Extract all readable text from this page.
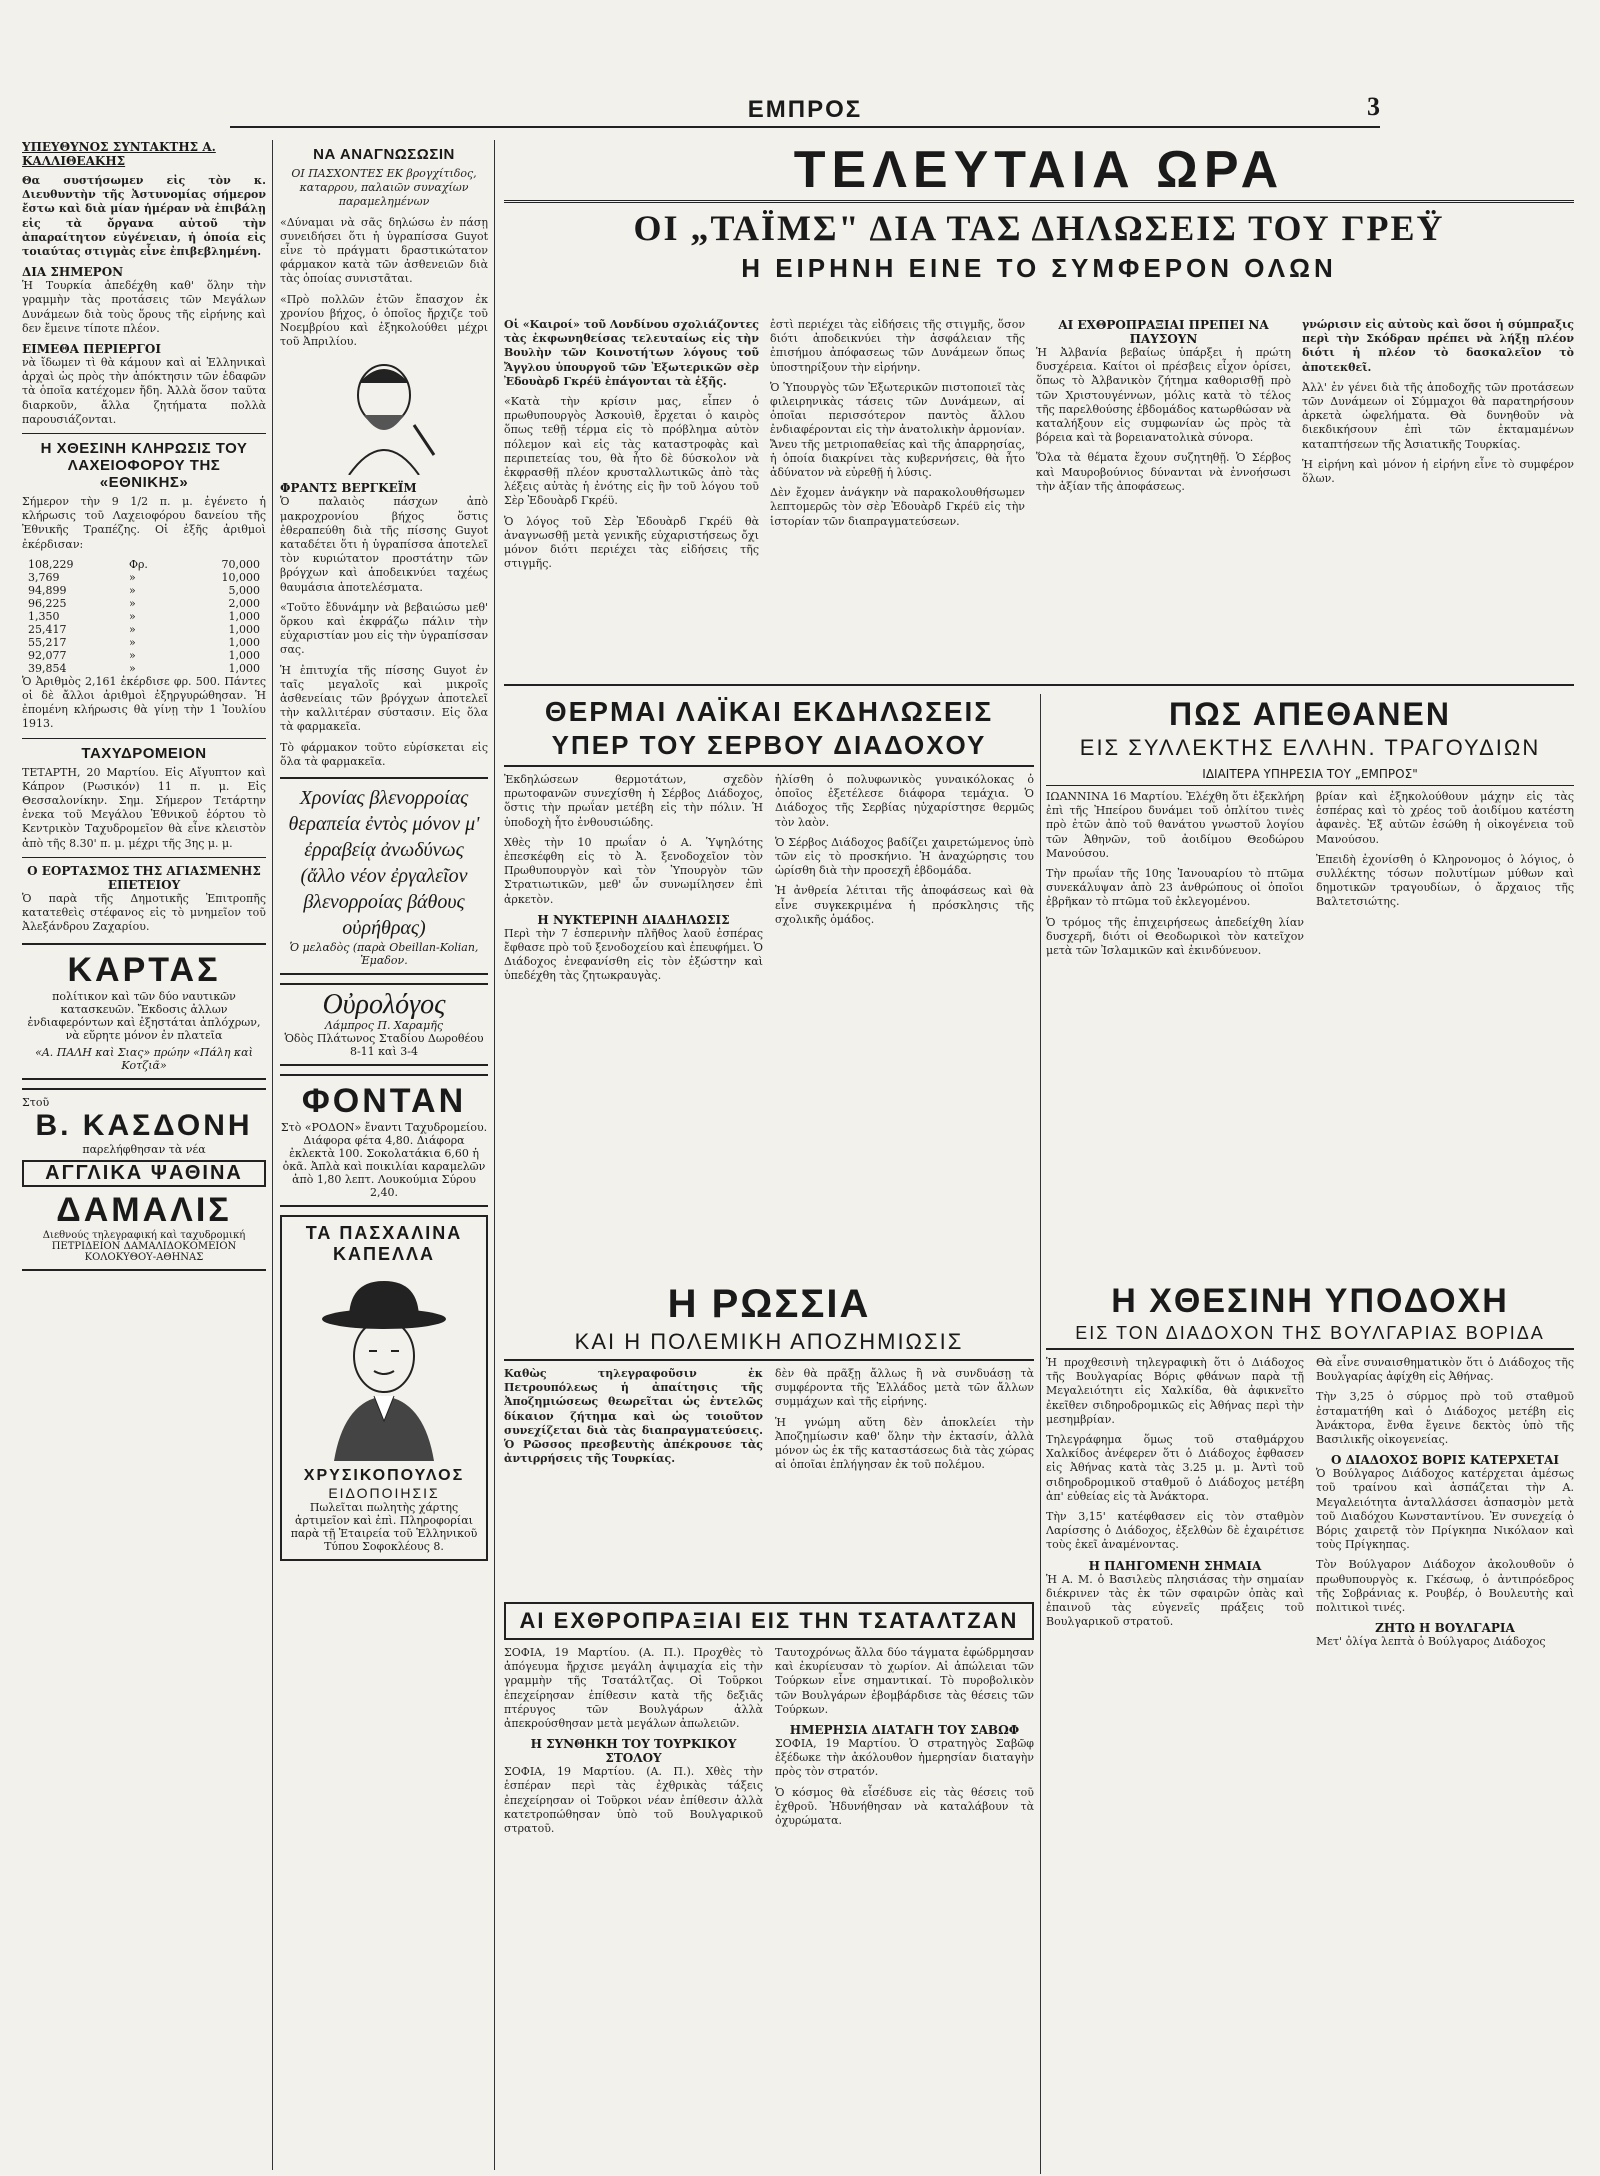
ΕΜΠΡΟΣ	3
ΥΠΕΥΘΥΝΟΣ ΣΥΝΤΑΚΤΗΣ Α. ΚΑΛΛΙΘΕΑΚΗΣ

Θα συστήσωμεν εἰς τὸν κ. Διευθυντὴν τῆς Ἀστυνομίας σήμερον ἔστω καὶ διὰ μίαν ἡμέραν νὰ ἐπιβάλῃ εἰς τὰ ὄργανα αὐτοῦ τὴν ἀπαραίτητον εὐγένειαν, ἡ ὁποία εἰς τοιαύτας στιγμὰς εἶνε ἐπιβεβλημένη.

ΔΙΑ ΣΗΜΕΡΟΝ

Ἡ Τουρκία ἀπεδέχθη καθ' ὅλην τὴν γραμμὴν τὰς προτάσεις τῶν Μεγάλων Δυνάμεων διὰ τοὺς ὅρους τῆς εἰρήνης καὶ δεν ἔμεινε τίποτε πλέον.

ΕΙΜΕΘΑ ΠΕΡΙΕΡΓΟΙ

νὰ ἴδωμεν τὶ θὰ κάμουν καὶ αἱ Ἑλληνικαὶ ἀρχαὶ ὡς πρὸς τὴν ἀπόκτησιν τῶν ἐδαφῶν τὰ ὁποῖα κατέχομεν ἤδη. Ἀλλὰ ὅσον ταῦτα διαρκοῦν, ἄλλα ζητήματα πολλὰ παρουσιάζονται.

Η ΧΘΕΣΙΝΗ ΚΛΗΡΩΣΙΣ ΤΟΥ ΛΑΧΕΙΟΦΟΡΟΥ ΤΗΣ «ΕΘΝΙΚΗΣ»

Σήμερον τὴν 9 1/2 π. μ. ἐγένετο ἡ κλήρωσις τοῦ Λαχειοφόρου δανείου τῆς Ἐθνικῆς Τραπέζης. Οἱ ἐξῆς ἀριθμοὶ ἐκέρδισαν:

108,229	Φρ.	70,000
3,769	»	10,000
94,899	»	5,000
96,225	»	2,000
1,350	»	1,000
25,417	»	1,000
55,217	»	1,000
92,077	»	1,000
39,854	»	1,000

Ὁ Ἀριθμὸς 2,161 ἐκέρδισε φρ. 500. Πάντες οἱ δὲ ἄλλοι ἀριθμοὶ ἐξηργυρώθησαν. Ἡ ἐπομένη κλήρωσις θὰ γίνῃ τὴν 1 Ἰουλίου 1913.

ΤΑΧΥΔΡΟΜΕΙΟΝ

ΤΕΤΑΡΤΗ, 20 Μαρτίου. Εἰς Αἴγυπτον καὶ Κάπρον (Ρωσικόν) 11 π. μ. Εἰς Θεσσαλονίκην. Σημ. Σήμερον Τετάρτην ἐνεκα τοῦ Μεγάλου Ἐθνικοῦ ἑόρτου τὸ Κεντρικὸν Ταχυδρομεῖον θὰ εἶνε κλειστὸν ἀπὸ τῆς 8.30' π. μ. μέχρι τῆς 3ης μ. μ.

Ο ΕΟΡΤΑΣΜΟΣ ΤΗΣ ΑΓΙΑΣΜΕΝΗΣ ΕΠΕΤΕΙΟΥ

Ὁ παρὰ τῆς Δημοτικῆς Ἐπιτροπῆς κατατεθεὶς στέφανος εἰς τὸ μνημεῖον τοῦ Ἀλεξάνδρου Ζαχαρίου.

ΚΑΡΤΑΣ
πολίτικον καὶ τῶν δύο ναυτικῶν κατασκευῶν. Ἔκδοσις ἀλλων ἐνδιαφερόντων καὶ ἐξηστάται ἀπλόχρων, νὰ εὕρητε μόνον ἐν πλατεῖα
«Α. ΠΑΛΗ καὶ Σιας» πρώην «Πάλη καὶ Κοτζιᾶ»
Στοῦ
Β. ΚΑΣΔΟΝΗ
παρελήφθησαν τὰ νέα
ΑΓΓΛΙΚΑ ΨΑΘΙΝΑ
ΔΑΜΑΛΙΣ
Διεθνούς τηλεγραφική καὶ ταχυδρομική ΠΕΤΡΙΔΕΙΟΝ ΔΑΜΑΛΙΔΟΚΟΜΕΙΟΝ ΚΟΛΟΚΥΘΟΥ-ΑΘΗΝΑΣ
ΝΑ ΑΝΑΓΝΩΣΩΣΙΝ

ΟΙ ΠΑΣΧΟΝΤΕΣ ΕΚ βρογχίτιδος, καταρρου, παλαιῶν συναχίων παραμελημένων

«Δύναμαι νὰ σᾶς δηλώσω ἐν πάσῃ συνειδήσει ὅτι ἡ ὑγραπίσσα Guyot εἶνε τὸ πράγματι δραστικώτατον φάρμακον κατὰ τῶν ἀσθενειῶν διὰ τὰς ὁποίας συνιστᾶται.

«Πρὸ πολλῶν ἐτῶν ἔπασχον ἐκ χρονίου βήχος, ὁ ὁποῖος ἤρχιζε τοῦ Νοεμβρίου καὶ ἐξηκολούθει μέχρι τοῦ Ἀπριλίου.

ΦΡΑΝΤΣ ΒΕΡΓΚΕΪΜ

Ὁ παλαιὸς πάσχων ἀπὸ μακροχρονίου βήχος ὅστις ἐθεραπεύθη διὰ τῆς πίσσης Guyot καταδέτει ὅτι ἡ ὑγραπίσσα ἀποτελεῖ τὸν κυριώτατον προστάτην τῶν βρόγχων καὶ ἀποδεικνύει ταχέως θαυμάσια ἀποτελέσματα.

«Τοῦτο ἔδυνάμην νὰ βεβαιώσω μεθ' ὅρκου καὶ ἐκφράζω πάλιν τὴν εὐχαριστίαν μου εἰς τὴν ὑγραπίσσαν σας.

Ἡ ἐπιτυχία τῆς πίσσης Guyot ἐν ταῖς μεγαλοῖς καὶ μικροῖς ἀσθενείαις τῶν βρόγχων ἀποτελεῖ τὴν καλλιτέραν σύστασιν. Εἰς ὅλα τὰ φαρμακεῖα.

Τὸ φάρμακον τοῦτο εὑρίσκεται εἰς ὅλα τὰ φαρμακεῖα.

Χρονίας βλενορροίας θεραπεία ἐντὸς μόνον μ' ἐρραβείᾳ ἀνωδύνως (ἄλλο νέον ἐργαλεῖον βλενορροίας βάθους οὐρήθρας)
Ὁ μελαδὸς (παρὰ Obeillan-Kolian, Ἐμαδον.
Οὐρολόγος
Λάμπρος Π. Χαραμῆς
Ὁδὸς Πλάτωνος Σταδίου Δωροθέου 8-11 καὶ 3-4
ΦΟΝΤΑΝ
Στὸ «ΡΟΔΟΝ» ἔναντι Ταχυδρομείου. Διάφορα φέτα 4,80. Διάφορα ἐκλεκτὰ 100. Σοκολατάκια 6,60 ἡ ὀκᾶ. Ἀπλὰ καὶ ποικιλίαι καραμελῶν ἀπὸ 1,80 λεπτ. Λουκούμια Σύρου 2,40.
ΤΑ ΠΑΣΧΑΛΙΝΑ ΚΑΠΕΛΛΑ
ΧΡΥΣΙΚΟΠΟΥΛΟΣ
ΕΙΔΟΠΟΙΗΣΙΣ
Πωλεῖται πωλητὴς χάρτης ἀρτιμεῖον καὶ ἐπὶ. Πληροφορίαι παρὰ τῇ Ἑταιρεία τοῦ Ἑλληνικοῦ Τύπου Σοφοκλέους 8.
ΤΕΛΕΥΤΑΙΑ ΩΡΑ
ΟΙ „ΤΑΪΜΣ" ΔΙΑ ΤΑΣ ΔΗΛΩΣΕΙΣ ΤΟΥ ΓΡΕΫ
Η ΕΙΡΗΝΗ ΕΙΝΕ ΤΟ ΣΥΜΦΕΡΟΝ ΟΛΩΝ

Οἱ «Καιροί» τοῦ Λονδίνου σχολιάζοντες τὰς ἐκφωνηθείσας τελευταίως εἰς τὴν Βουλὴν τῶν Κοινοτήτων λόγους τοῦ Ἄγγλου ὑπουργοῦ τῶν Ἐξωτερικῶν σὲρ Ἐδουὰρδ Γκρέϋ ἐπάγονται τὰ ἑξῆς.

«Κατὰ τὴν κρίσιν μας, εἶπεν ὁ πρωθυπουργὸς Ἀσκουὶθ, ἔρχεται ὁ καιρὸς ὅπως τεθῇ τέρμα εἰς τὸ πρόβλημα αὐτὸν πόλεμον καὶ εἰς τὰς καταστροφὰς καὶ περιπετείας του, θὰ ἦτο δὲ δύσκολον νὰ ἐκφρασθῇ πλέον κρυσταλλωτικῶς ἀπὸ τὰς λέξεις αὐτὰς ἡ ἐνότης εἰς ἣν τοῦ λόγου τοῦ Σὲρ Ἐδουὰρδ Γκρέϋ.

Ὁ λόγος τοῦ Σὲρ Ἐδουὰρδ Γκρέϋ θὰ ἀναγνωσθῇ μετὰ γενικῆς εὐχαριστήσεως ὄχι μόνον διότι περιέχει τὰς εἰδήσεις τῆς στιγμῆς.

ἐστὶ περιέχει τὰς εἰδήσεις τῆς στιγμῆς, ὅσον διότι ἀποδεικνύει τὴν ἀσφάλειαν τῆς ἐπισήμου ἀπόφασεως τῶν Δυνάμεων ὅπως ὑποστηρίξουν τὴν εἰρήνην.

Ὁ Ὑπουργὸς τῶν Ἐξωτερικῶν πιστοποιεῖ τὰς φιλειρηνικὰς τάσεις τῶν Δυνάμεων, αἱ ὁποῖαι περισσότερον παντὸς ἄλλου ἐνδιαφέρονται εἰς τὴν ἀνατολικὴν ἀρμονίαν. Ἄνευ τῆς μετριοπαθείας καὶ τῆς ἀπαρρησίας, ἡ ὁποία διακρίνει τὰς κυβερνήσεις, θὰ ἦτο ἀδύνατον νὰ εὑρεθῇ ἡ λύσις.

Δὲν ἔχομεν ἀνάγκην νὰ παρακολουθήσωμεν λεπτομερῶς τὸν σὲρ Ἐδουὰρδ Γκρέϋ εἰς τὴν ἱστορίαν τῶν διαπραγματεύσεων.

ΑΙ ΕΧΘΡΟΠΡΑΞΙΑΙ ΠΡΕΠΕΙ ΝΑ ΠΑΥΣΟΥΝ

Ἡ Ἀλβανία βεβαίως ὑπάρξει ἡ πρώτη δυσχέρεια. Καίτοι οἱ πρέσβεις εἶχον ὁρίσει, ὅπως τὸ Ἀλβανικὸν ζήτημα καθορισθῇ πρὸ τῶν Χριστουγέννων, μόλις κατὰ τὸ τέλος τῆς παρελθούσης ἑβδομάδος κατωρθώσαν νὰ καταλήξουν εἰς συμφωνίαν ὡς πρὸς τὰ βόρεια καὶ τὰ βορειανατολικὰ σύνορα.

Ὅλα τὰ θέματα ἔχουν συζητηθῇ. Ὁ Σέρβος καὶ Μαυροβούνιος δύνανται νὰ ἐννοήσωσι τὴν ἀξίαν τῆς ἀποφάσεως.

γνώρισιν εἰς αὐτοὺς καὶ ὅσοι ἡ σύμπραξις περὶ τὴν Σκόδραν πρέπει νὰ λήξῃ πλέον διότι ἡ πλέον τὸ δασκαλεῖον τὸ ἀποτεκθεῖ.

Ἀλλ' ἐν γένει διὰ τῆς ἀποδοχῆς τῶν προτάσεων τῶν Δυνάμεων οἱ Σύμμαχοι θὰ παρατηρήσουν ἀρκετὰ ὠφελήματα. Θὰ δυνηθοῦν νὰ διεκδικήσουν ἐπὶ τῶν ἐκταμαμένων καταπτήσεων τῆς Ἀσιατικῆς Τουρκίας.

Ἡ εἰρήνη καὶ μόνον ἡ εἰρήνη εἶνε τὸ συμφέρον ὅλων.

ΘΕΡΜΑΙ ΛΑΪΚΑΙ ΕΚΔΗΛΩΣΕΙΣ
ΥΠΕΡ ΤΟΥ ΣΕΡΒΟΥ ΔΙΑΔΟΧΟΥ

Ἐκδηλώσεων θερμοτάτων, σχεδὸν πρωτοφανῶν συνεχίσθη ἡ Σέρβος Διάδοχος, ὅστις τὴν πρωΐαν μετέβη εἰς τὴν πόλιν. Ἡ ὑποδοχὴ ἦτο ἐνθουσιώδης.

Χθὲς τὴν 10 πρωΐαν ὁ Α. Ὑψηλότης ἐπεσκέφθη εἰς τὸ Ἀ. ξενοδοχεῖον τὸν Πρωθυπουργὸν καὶ τὸν Ὑπουργὸν τῶν Στρατιωτικῶν, μεθ' ὧν συνωμίλησεν ἐπὶ ἀρκετὸν.

Η ΝΥΚΤΕΡΙΝΗ ΔΙΑΔΗΛΩΣΙΣ

Περὶ τὴν 7 ἑσπερινὴν πλῆθος λαοῦ ἐσπέρας ἔφθασε πρὸ τοῦ ξενοδοχείου καὶ ἐπευφήμει. Ὁ Διάδοχος ἐνεφανίσθη εἰς τὸν ἐξώστην καὶ ὑπεδέχθη τὰς ζητωκραυγὰς.

ἡλίσθη ὁ πολυφωνικὸς γυναικόλοκας ὁ ὁποῖος ἐξετέλεσε διάφορα τεμάχια. Ὁ Διάδοχος τῆς Σερβίας ηὐχαρίστησε θερμῶς τὸν λαὸν.

Ὁ Σέρβος Διάδοχος βαδίζει χαιρετώμενος ὑπὸ τῶν εἰς τὸ προσκήνιο. Ἡ ἀναχώρησις του ὡρίσθη διὰ τὴν προσεχῆ ἑβδομάδα.

Ἡ ἀνθρεία λέτιται τῆς ἀποφάσεως καὶ θὰ εἶνε συγκεκριμένα ἡ πρόσκλησις τῆς σχολικῆς ὁμάδος.

ΠΩΣ ΑΠΕΘΑΝΕΝ
ΕΙΣ ΣΥΛΛΕΚΤΗΣ ΕΛΛΗΝ. ΤΡΑΓΟΥΔΙΩΝ
ΙΔΙΑΙΤΕΡΑ ΥΠΗΡΕΣΙΑ ΤΟΥ „ΕΜΠΡΟΣ"

ΙΩΑΝΝΙΝΑ 16 Μαρτίου. Ἐλέχθη ὅτι ἐξεκλήρη ἐπὶ τῆς Ἠπείρου δυνάμει τοῦ ὁπλίτου τινὲς πρὸ ἐτῶν ἀπὸ τοῦ θανάτου γνωστοῦ λογίου τῶν Ἀθηνῶν, τοῦ ἀοιδίμου Θεοδώρου Μανούσου.

Τὴν πρωΐαν τῆς 10ης Ἰανουαρίου τὸ πτῶμα συνεκάλυψαν ἀπὸ 23 ἀνθρώπους οἱ ὁποῖοι ἐβρῆκαν τὸ πτῶμα τοῦ ἐκλεγομένου.

Ὁ τρόμος τῆς ἐπιχειρήσεως ἀπεδείχθη λίαν δυσχερῆ, διότι οἱ Θεοδωρικοὶ τὸν κατεῖχον μετὰ τῶν Ἰσλαμικῶν καὶ ἐκινδύνευον.

βρίαν καὶ ἐξηκολούθουν μάχην εἰς τὰς ἑσπέρας καὶ τὸ χρέος τοῦ ἀοιδίμου κατέστη ἀφανὲς. Ἐξ αὐτῶν ἐσώθη ἡ οἰκογένεια τοῦ Μανούσου.

Ἐπειδὴ ἐχονίσθη ὁ Κληρονομος ὁ λόγιος, ὁ συλλέκτης τόσων πολυτίμων μύθων καὶ δημοτικῶν τραγουδίων, ὁ ἄρχαιος τῆς Βαλτετσιώτης.

Η ΡΩΣΣΙΑ
ΚΑΙ Η ΠΟΛΕΜΙΚΗ ΑΠΟΖΗΜΙΩΣΙΣ

Καθὼς τηλεγραφοῦσιν ἐκ Πετρουπόλεως ἡ ἀπαίτησις τῆς Ἀποζημιώσεως θεωρεῖται ὡς ἐντελῶς δίκαιον ζήτημα καὶ ὡς τοιοῦτον συνεχίζεται διὰ τὰς διαπραγματεύσεις. Ὁ Ρῶσσος πρεσβευτὴς ἀπέκρουσε τὰς ἀντιρρήσεις τῆς Τουρκίας.

δὲν θὰ πρᾶξῃ ἄλλως ἢ νὰ συνδυάσῃ τὰ συμφέροντα τῆς Ἑλλάδος μετὰ τῶν ἄλλων συμμάχων καὶ τῆς εἰρήνης.

Ἡ γνώμη αὕτη δὲν ἀποκλείει τὴν Ἀποζημίωσιν καθ' ὅλην τὴν ἐκτασίν, ἀλλὰ μόνον ὡς ἐκ τῆς καταστάσεως διὰ τὰς χώρας αἱ ὁποῖαι ἐπλήγησαν ἐκ τοῦ πολέμου.

ΑΙ ΕΧΘΡΟΠΡΑΞΙΑΙ ΕΙΣ ΤΗΝ ΤΣΑΤΑΛΤΖΑΝ

ΣΟΦΙΑ, 19 Μαρτίου. (Α. Π.). Προχθὲς τὸ ἀπόγευμα ἤρχισε μεγάλη ἀψιμαχία εἰς τὴν γραμμὴν τῆς Τσατάλτζας. Οἱ Τοῦρκοι ἐπεχείρησαν ἐπίθεσιν κατὰ τῆς δεξιᾶς πτέρυγος τῶν Βουλγάρων ἀλλὰ ἀπεκρούσθησαν μετὰ μεγάλων ἀπωλειῶν.

Η ΣΥΝΘΗΚΗ ΤΟΥ ΤΟΥΡΚΙΚΟΥ ΣΤΟΛΟΥ

ΣΟΦΙΑ, 19 Μαρτίου. (Α. Π.). Χθὲς τὴν ἑσπέραν περὶ τὰς ἐχθρικὰς τάξεις ἐπεχείρησαν οἱ Τοῦρκοι νέαν ἐπίθεσιν ἀλλὰ κατετροπώθησαν ὑπὸ τοῦ Βουλγαρικοῦ στρατοῦ.

Ταυτοχρόνως ἄλλα δύο τάγματα ἐφώδρμησαν καὶ ἐκυρίευσαν τὸ χωρίον. Αἱ ἀπώλειαι τῶν Τούρκων εἶνε σημαντικαί. Τὸ πυροβολικὸν τῶν Βουλγάρων ἐβομβάρδισε τὰς θέσεις τῶν Τούρκων.

ΗΜΕΡΗΣΙΑ ΔΙΑΤΑΓΗ ΤΟΥ ΣΑΒΩΦ

ΣΟΦΙΑ, 19 Μαρτίου. Ὁ στρατηγὸς Σαβῶφ ἐξέδωκε τὴν ἀκόλουθον ἡμερησίαν διαταγὴν πρὸς τὸν στρατόν.

Ὁ κόσμος θὰ εἶσέδυσε εἰς τὰς θέσεις τοῦ ἐχθροῦ. Ἠδυνήθησαν νὰ καταλάβουν τὰ ὀχυρώματα.

Η ΧΘΕΣΙΝΗ ΥΠΟΔΟΧΗ
ΕΙΣ ΤΟΝ ΔΙΑΔΟΧΟΝ ΤΗΣ ΒΟΥΛΓΑΡΙΑΣ ΒΟΡΙΔΑ

Ἡ προχθεσινὴ τηλεγραφικὴ ὅτι ὁ Διάδοχος τῆς Βουλγαρίας Βόρις φθάνων παρὰ τῇ Μεγαλειότητι εἰς Χαλκίδα, θὰ ἀφικνεῖτο ἐκεῖθεν σιδηροδρομικῶς εἰς Ἀθήνας περὶ τὴν μεσημβρίαν.

Τηλεγράφημα ὅμως τοῦ σταθμάρχου Χαλκίδος ἀνέφερεν ὅτι ὁ Διάδοχος ἐφθασεν εἰς Ἀθήνας κατὰ τὰς 3.25 μ. μ. Ἀντὶ τοῦ σιδηροδρομικοῦ σταθμοῦ ὁ Διάδοχος μετέβη ἀπ' εὐθείας εἰς τὰ Ἀνάκτορα.

Τὴν 3,15' κατέφθασεν εἰς τὸν σταθμὸν Λαρίσσης ὁ Διάδοχος, ἐξελθὼν δὲ ἐχαιρέτισε τοὺς ἐκεῖ ἀναμένοντας.

Η ΠΑΗΓΟΜΕΝΗ ΣΗΜΑΙΑ

Ἡ Α. Μ. ὁ Βασιλεὺς πλησιάσας τὴν σημαίαν διέκρινεν τὰς ἐκ τῶν σφαιρῶν ὀπὰς καὶ ἐπαινοῦ τὰς εὐγενεῖς πράξεις τοῦ Βουλγαρικοῦ στρατοῦ.

Θὰ εἶνε συναισθηματικὸν ὅτι ὁ Διάδοχος τῆς Βουλγαρίας ἀφίχθη εἰς Ἀθήνας.

Τὴν 3,25 ὁ σύρμος πρὸ τοῦ σταθμοῦ ἐσταματήθη καὶ ὁ Διάδοχος μετέβη εἰς Ἀνάκτορα, ἔνθα ἔγεινε δεκτὸς ὑπὸ τῆς Βασιλικῆς οἰκογενείας.

Ο ΔΙΑΔΟΧΟΣ ΒΟΡΙΣ ΚΑΤΕΡΧΕΤΑΙ

Ὁ Βούλγαρος Διάδοχος κατέρχεται ἀμέσως τοῦ τραίνου καὶ ἀσπάζεται τὴν Α. Μεγαλειότητα ἀνταλλάσσει ἀσπασμὸν μετὰ τοῦ Διαδόχου Κωνσταντίνου. Ἐν συνεχείᾳ ὁ Βόρις χαιρετᾷ τὸν Πρίγκηπα Νικόλαον καὶ τοὺς Πρίγκηπας.

Τὸν Βούλγαρον Διάδοχον ἀκολουθοῦν ὁ πρωθυπουργὸς κ. Γκέσωφ, ὁ ἀντιπρόεδρος τῆς Σοβράνιας κ. Ρουβέρ, ὁ Βουλευτὴς καὶ πολιτικοὶ τινές.

ΖΗΤΩ Η ΒΟΥΛΓΑΡΙΑ

Μετ' ὀλίγα λεπτὰ ὁ Βούλγαρος Διάδοχος
